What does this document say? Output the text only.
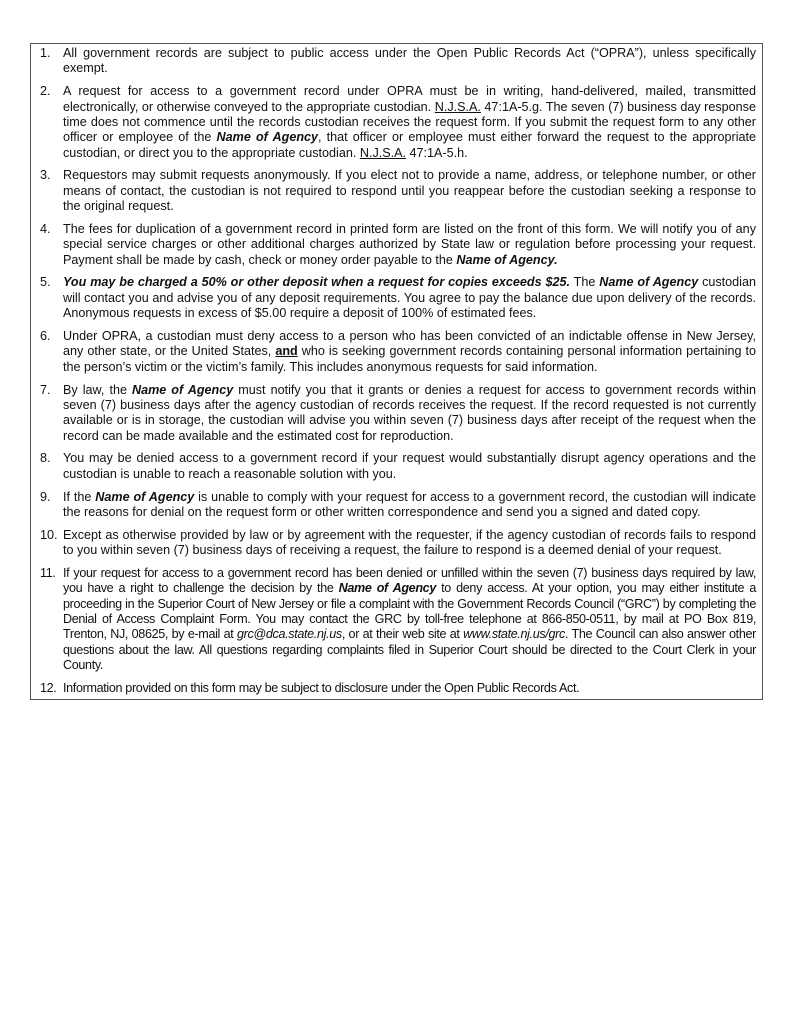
1. All government records are subject to public access under the Open Public Records Act (“OPRA”), unless specifically exempt.
2. A request for access to a government record under OPRA must be in writing, hand-delivered, mailed, transmitted electronically, or otherwise conveyed to the appropriate custodian. N.J.S.A. 47:1A-5.g. The seven (7) business day response time does not commence until the records custodian receives the request form. If you submit the request form to any other officer or employee of the Name of Agency, that officer or employee must either forward the request to the appropriate custodian, or direct you to the appropriate custodian. N.J.S.A. 47:1A-5.h.
3. Requestors may submit requests anonymously. If you elect not to provide a name, address, or telephone number, or other means of contact, the custodian is not required to respond until you reappear before the custodian seeking a response to the original request.
4. The fees for duplication of a government record in printed form are listed on the front of this form. We will notify you of any special service charges or other additional charges authorized by State law or regulation before processing your request. Payment shall be made by cash, check or money order payable to the Name of Agency.
5. You may be charged a 50% or other deposit when a request for copies exceeds $25. The Name of Agency custodian will contact you and advise you of any deposit requirements. You agree to pay the balance due upon delivery of the records. Anonymous requests in excess of $5.00 require a deposit of 100% of estimated fees.
6. Under OPRA, a custodian must deny access to a person who has been convicted of an indictable offense in New Jersey, any other state, or the United States, and who is seeking government records containing personal information pertaining to the person’s victim or the victim’s family. This includes anonymous requests for said information.
7. By law, the Name of Agency must notify you that it grants or denies a request for access to government records within seven (7) business days after the agency custodian of records receives the request. If the record requested is not currently available or is in storage, the custodian will advise you within seven (7) business days after receipt of the request when the record can be made available and the estimated cost for reproduction.
8. You may be denied access to a government record if your request would substantially disrupt agency operations and the custodian is unable to reach a reasonable solution with you.
9. If the Name of Agency is unable to comply with your request for access to a government record, the custodian will indicate the reasons for denial on the request form or other written correspondence and send you a signed and dated copy.
10. Except as otherwise provided by law or by agreement with the requester, if the agency custodian of records fails to respond to you within seven (7) business days of receiving a request, the failure to respond is a deemed denial of your request.
11. If your request for access to a government record has been denied or unfilled within the seven (7) business days required by law, you have a right to challenge the decision by the Name of Agency to deny access. At your option, you may either institute a proceeding in the Superior Court of New Jersey or file a complaint with the Government Records Council (“GRC”) by completing the Denial of Access Complaint Form. You may contact the GRC by toll-free telephone at 866-850-0511, by mail at PO Box 819, Trenton, NJ, 08625, by e-mail at grc@dca.state.nj.us, or at their web site at www.state.nj.us/grc. The Council can also answer other questions about the law. All questions regarding complaints filed in Superior Court should be directed to the Court Clerk in your County.
12. Information provided on this form may be subject to disclosure under the Open Public Records Act.
